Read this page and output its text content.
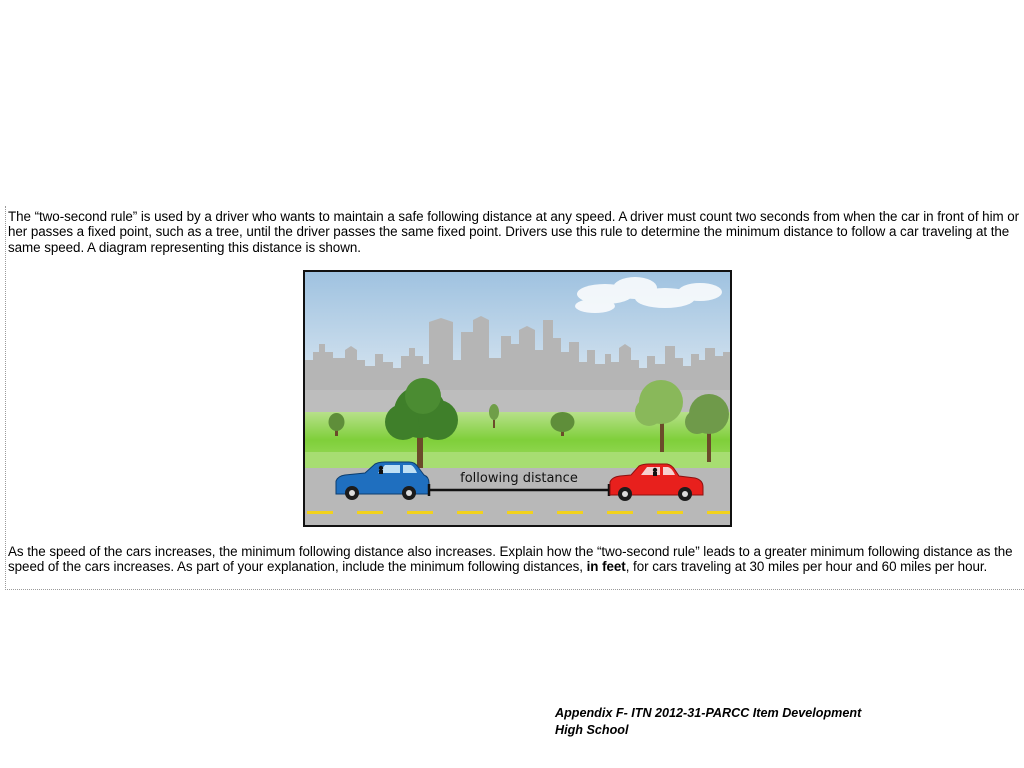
The “two-second rule” is used by a driver who wants to maintain a safe following distance at any speed. A driver must count two seconds from when the car in front of him or her passes a fixed point, such as a tree, until the driver passes the same fixed point. Drivers use this rule to determine the minimum distance to follow a car traveling at the same speed. A diagram representing this distance is shown.

following distance

As the speed of the cars increases, the minimum following distance also increases. Explain how the “two-second rule” leads to a greater minimum following distance as the speed of the cars increases. As part of your explanation, include the minimum following distances, in feet, for cars traveling at 30 miles per hour and 60 miles per hour.

Appendix F- ITN 2012-31-PARCC Item Development
High School
